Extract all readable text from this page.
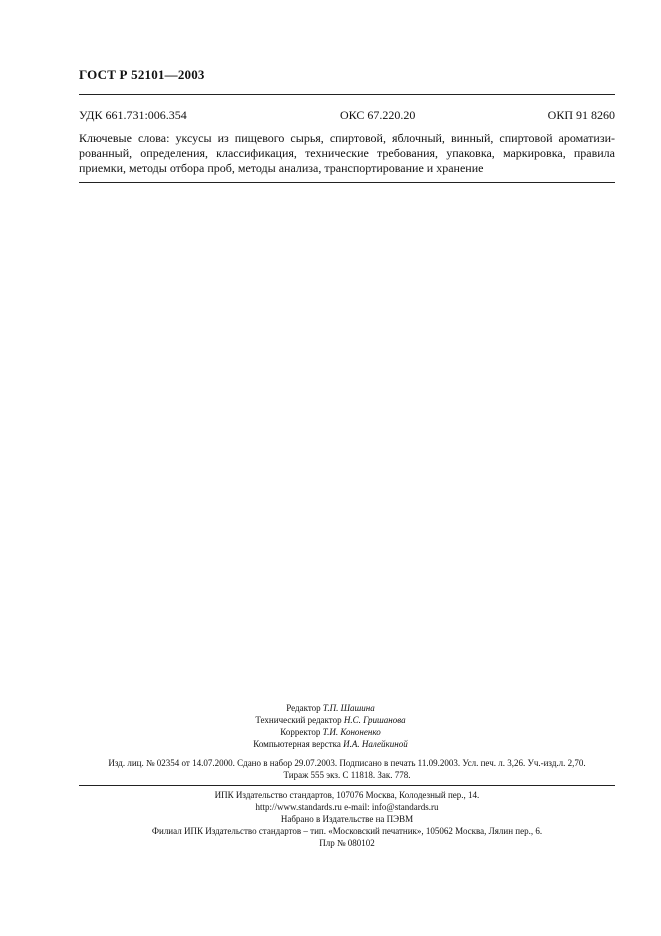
ГОСТ Р 52101—2003
УДК 661.731:006.354	ОКС 67.220.20	ОКП 91 8260
Ключевые слова: уксусы из пищевого сырья, спиртовой, яблочный, винный, спиртовой ароматизи-
рованный, определения, классификация, технические требования, упаковка, маркировка, правила
приемки, методы отбора проб, методы анализа, транспортирование и хранение
Редактор Т.П. Шашина
Технический редактор Н.С. Гришанова
Корректор Т.И. Кононенко
Компьютерная верстка И.А. Налейкиной
Изд. лиц. № 02354 от 14.07.2000. Сдано в набор 29.07.2003. Подписано в печать 11.09.2003. Усл. печ. л. 3,26. Уч.-изд.л. 2,70.
Тираж 555 экз. С 11818. Зак. 778.
ИПК Издательство стандартов, 107076 Москва, Колодезный пер., 14.
http://www.standards.ru e-mail: info@standards.ru
Набрано в Издательстве на ПЭВМ
Филиал ИПК Издательство стандартов – тип. «Московский печатник», 105062 Москва, Лялин пер., 6.
Плр № 080102
